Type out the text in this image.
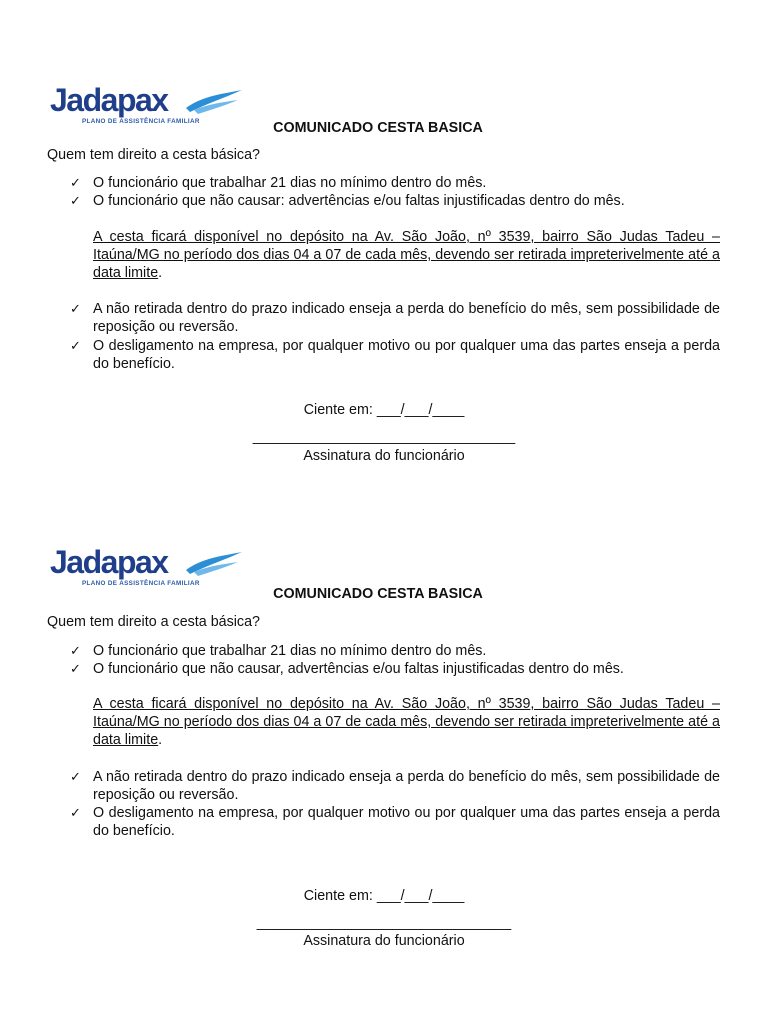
Jadapax
PLANO DE ASSISTÊNCIA FAMILIAR	COMUNICADO CESTA BASICA
Quem tem direito a cesta básica?
✓ O funcionário que trabalhar 21 dias no mínimo dentro do mês.
✓ O funcionário que não causar: advertências e/ou faltas injustificadas dentro do mês.
A cesta ficará disponível no depósito na Av. São João, nº 3539, bairro São Judas Tadeu – Itaúna/MG no período dos dias 04 a 07 de cada mês, devendo ser retirada impreterivelmente até a data limite.
✓ A não retirada dentro do prazo indicado enseja a perda do benefício do mês, sem possibilidade de reposição ou reversão.
✓ O desligamento na empresa, por qualquer motivo ou por qualquer uma das partes enseja a perda do benefício.
Ciente em: ___/___/____
_________________________________
Assinatura do funcionário
Jadapax
PLANO DE ASSISTÊNCIA FAMILIAR
COMUNICADO CESTA BASICA
Quem tem direito a cesta básica?
✓ O funcionário que trabalhar 21 dias no mínimo dentro do mês.
✓ O funcionário que não causar, advertências e/ou faltas injustificadas dentro do mês.
A cesta ficará disponível no depósito na Av. São João, nº 3539, bairro São Judas Tadeu – Itaúna/MG no período dos dias 04 a 07 de cada mês, devendo ser retirada impreterivelmente até a data limite.
✓ A não retirada dentro do prazo indicado enseja a perda do benefício do mês, sem possibilidade de reposição ou reversão.
✓ O desligamento na empresa, por qualquer motivo ou por qualquer uma das partes enseja a perda do benefício.
Ciente em: ___/___/____
________________________________
Assinatura do funcionário
